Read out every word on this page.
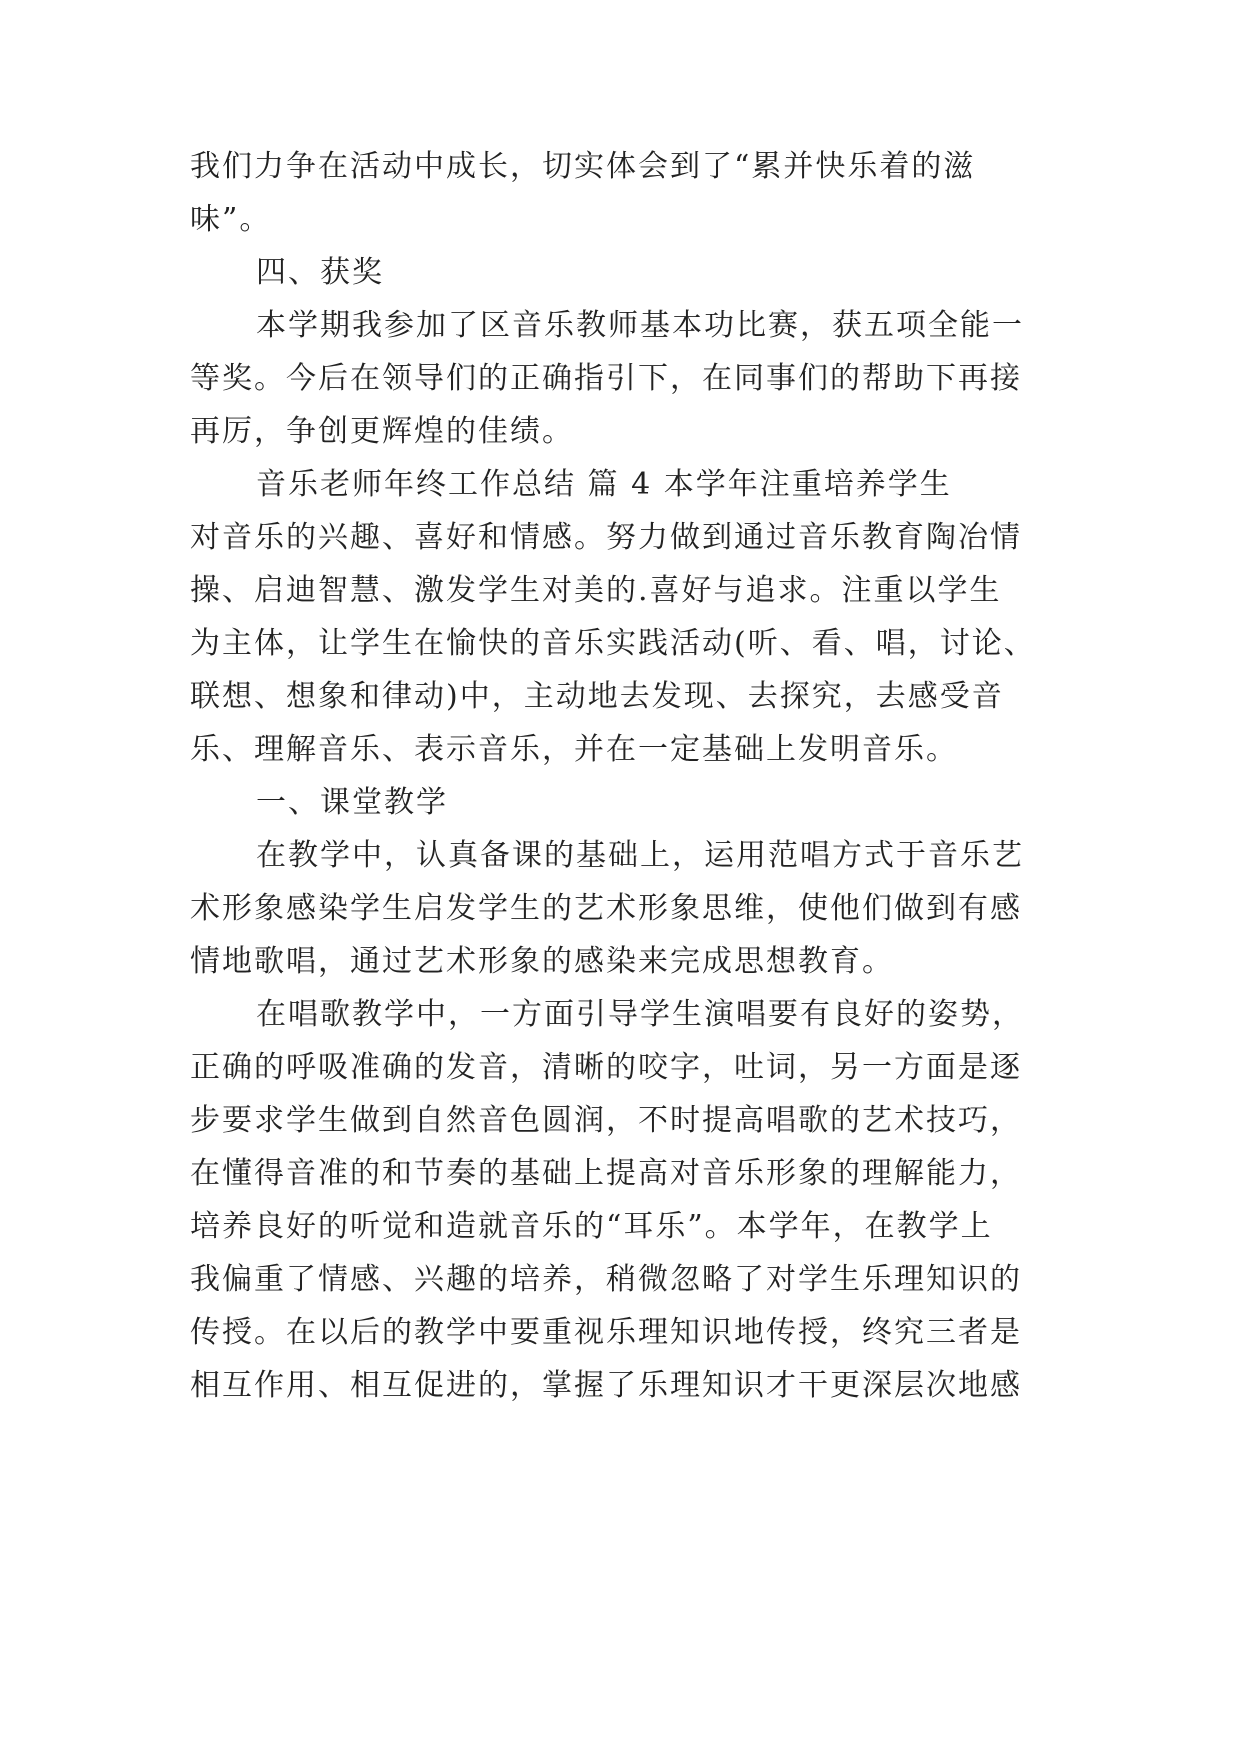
我们力争在活动中成长，切实体会到了“累并快乐着的滋
味”。
四、获奖
本学期我参加了区音乐教师基本功比赛，获五项全能一
等奖。今后在领导们的正确指引下，在同事们的帮助下再接
再厉，争创更辉煌的佳绩。
音乐老师年终工作总结 篇 4 本学年注重培养学生
对音乐的兴趣、喜好和情感。努力做到通过音乐教育陶冶情
操、启迪智慧、激发学生对美的.喜好与追求。注重以学生
为主体，让学生在愉快的音乐实践活动(听、看、唱，讨论、
联想、想象和律动)中，主动地去发现、去探究，去感受音
乐、理解音乐、表示音乐，并在一定基础上发明音乐。
一、课堂教学
在教学中，认真备课的基础上，运用范唱方式于音乐艺
术形象感染学生启发学生的艺术形象思维，使他们做到有感
情地歌唱，通过艺术形象的感染来完成思想教育。
在唱歌教学中，一方面引导学生演唱要有良好的姿势，
正确的呼吸准确的发音，清晰的咬字，吐词，另一方面是逐
步要求学生做到自然音色圆润，不时提高唱歌的艺术技巧，
在懂得音准的和节奏的基础上提高对音乐形象的理解能力，
培养良好的听觉和造就音乐的“耳乐”。本学年，在教学上
我偏重了情感、兴趣的培养，稍微忽略了对学生乐理知识的
传授。在以后的教学中要重视乐理知识地传授，终究三者是
相互作用、相互促进的，掌握了乐理知识才干更深层次地感
